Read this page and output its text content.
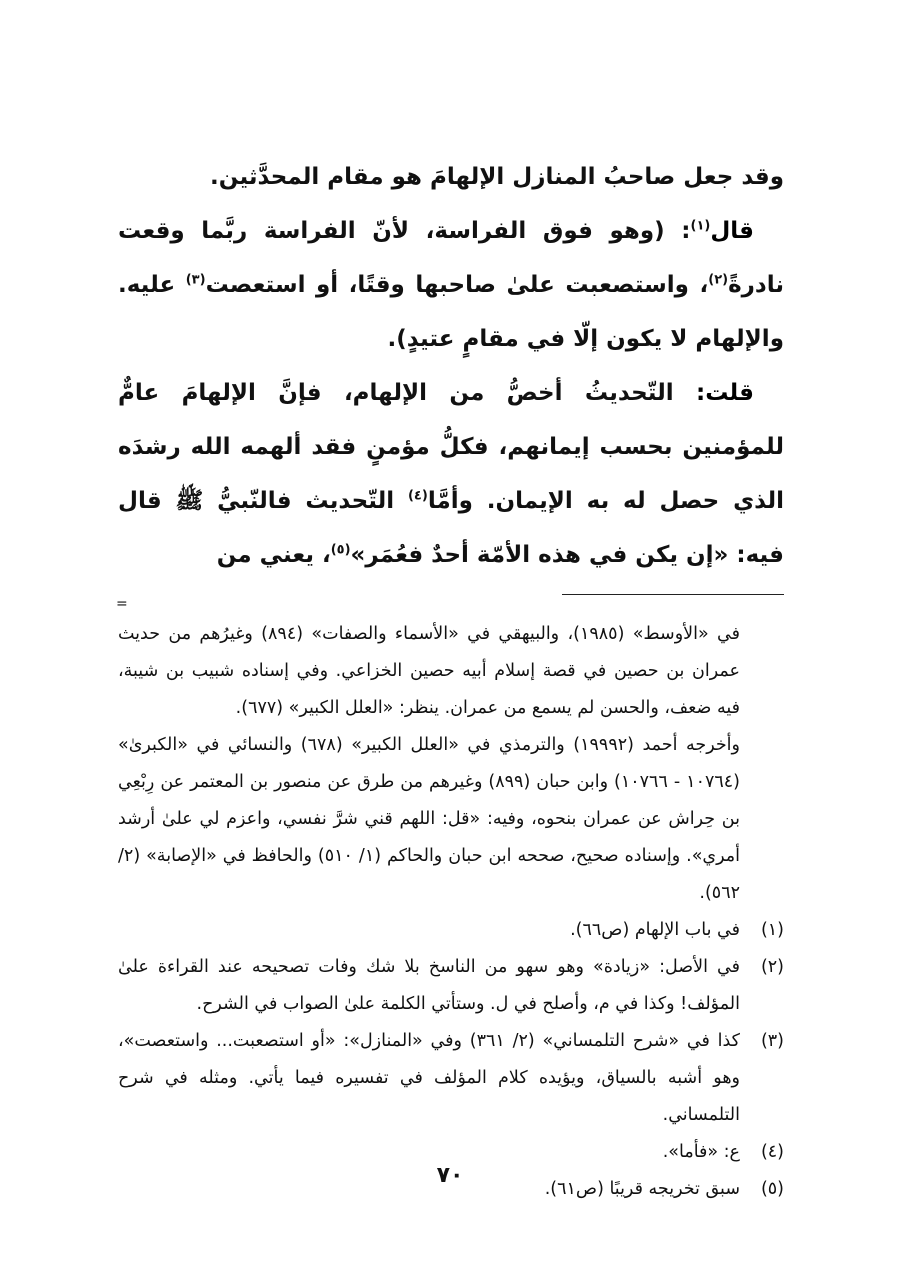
وقد جعل صاحبُ المنازل الإلهامَ هو مقام المحدَّثين.

قال$^{(١)}$: (وهو فوق الفراسة، لأنّ الفراسة ربَّما وقعت نادرةً$^{(٢)}$، واستصعبت علىٰ صاحبها وقتًا، أو استعصت$^{(٣)}$ عليه. والإلهام لا يكون إلّا في مقامٍ عتيدٍ).

قلت: التّحديثُ أخصُّ من الإلهام، فإنَّ الإلهامَ عامٌّ للمؤمنين بحسب إيمانهم، فكلُّ مؤمنٍ فقد ألهمه الله رشدَه الذي حصل له به الإيمان. وأمَّا$^{(٤)}$ التّحديث فالنّبيُّ ﷺ قال فيه: «إن يكن في هذه الأمّة أحدٌ فعُمَر»$^{(٥)}$، يعني من

=

في «الأوسط» (١٩٨٥)، والبيهقي في «الأسماء والصفات» (٨٩٤) وغيرُهم من حديث عمران بن حصين في قصة إسلام أبيه حصين الخزاعي. وفي إسناده شبيب بن شيبة، فيه ضعف، والحسن لم يسمع من عمران. ينظر: «العلل الكبير» (٦٧٧).

وأخرجه أحمد (١٩٩٩٢) والترمذي في «العلل الكبير» (٦٧٨) والنسائي في «الكبرىٰ» (١٠٧٦٤ - ١٠٧٦٦) وابن حبان (٨٩٩) وغيرهم من طرق عن منصور بن المعتمر عن رِبْعِي بن حِراش عن عمران بنحوه، وفيه: «قل: اللهم قني شرَّ نفسي، واعزم لي علىٰ أرشد أمري». وإسناده صحيح، صححه ابن حبان والحاكم (١/ ٥١٠) والحافظ في «الإصابة» (٢/ ٥٦٢).

(١)
في باب الإلهام (ص٦٦).
(٢)
في الأصل: «زيادة» وهو سهو من الناسخ بلا شك وفات تصحيحه عند القراءة علىٰ المؤلف! وكذا في م، وأصلح في ل. وستأتي الكلمة علىٰ الصواب في الشرح.
(٣)
كذا في «شرح التلمساني» (٢/ ٣٦١) وفي «المنازل»: «أو استصعبت... واستعصت»، وهو أشبه بالسياق، ويؤيده كلام المؤلف في تفسيره فيما يأتي. ومثله في شرح التلمساني.
(٤)
ع: «فأما».
(٥)
سبق تخريجه قريبًا (ص٦١).
٧٠
